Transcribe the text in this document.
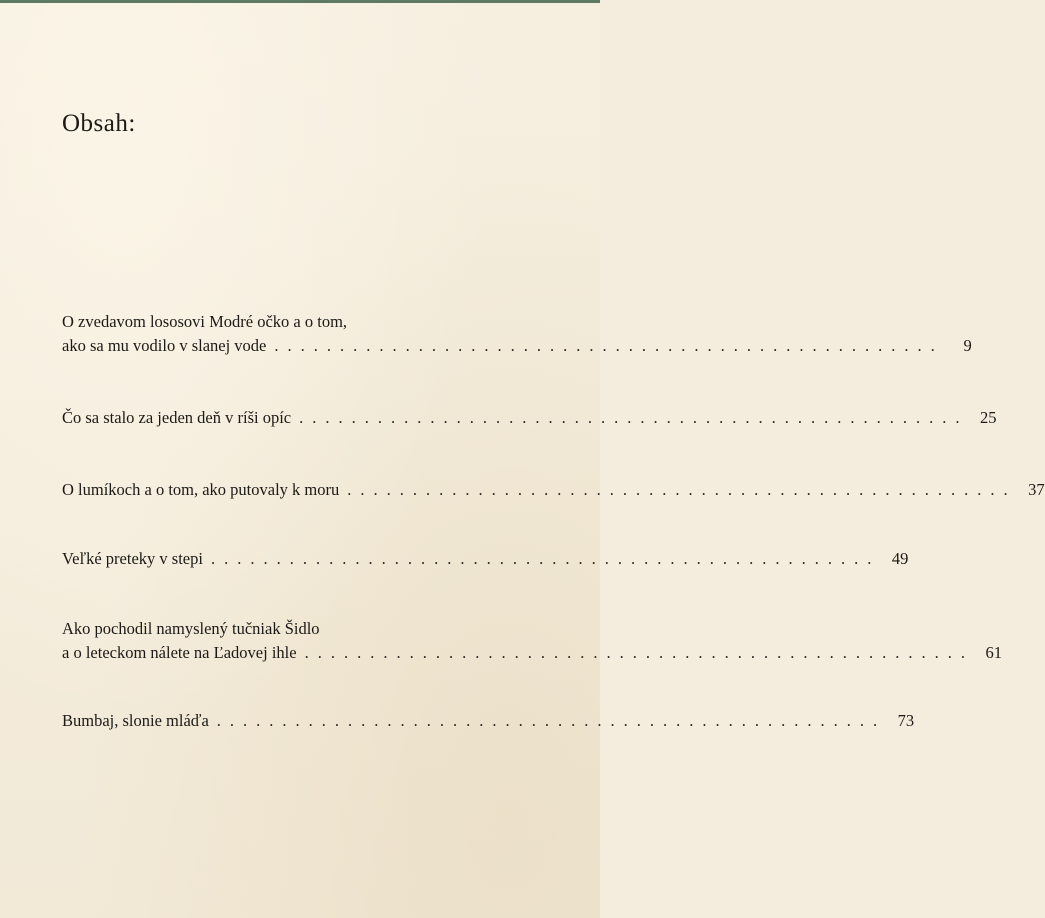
Obsah:
O zvedavom lososovi Modré očko a o tom,
ako sa mu vodilo v slanej vode ...................................................	9
Čo sa stalo za jeden deň v ríši opíc ................................................... 25
O lumíkoch a o tom, ako putovaly k moru ................................................... 37
Veľké preteky v stepi ................................................... 49
Ako pochodil namyslený tučniak Šidlo
a o leteckom nálete na Ľadovej ihle ................................................... 61
Bumbaj, slonie mláďa ................................................... 73
